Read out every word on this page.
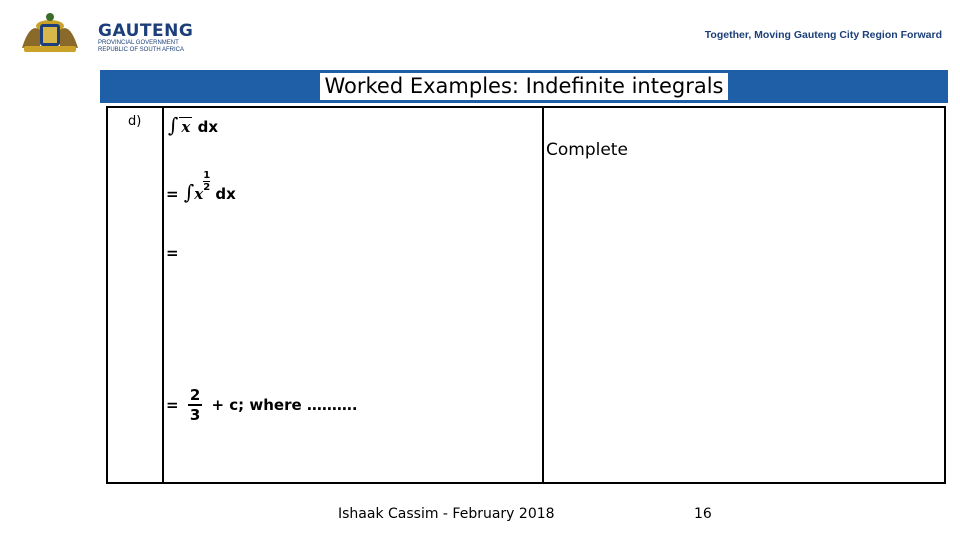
GAUTENG
PROVINCIAL GOVERNMENT
REPUBLIC OF SOUTH AFRICA
Together, Moving Gauteng City Region Forward
Worked Examples: Indefinite integrals
d) ∫ x dx
= ∫x
$\frac{1}{2}$
dx
=
= $\frac{2}{3} + c$; where ……….
Complete
Ishaak Cassim - February 2018	16
